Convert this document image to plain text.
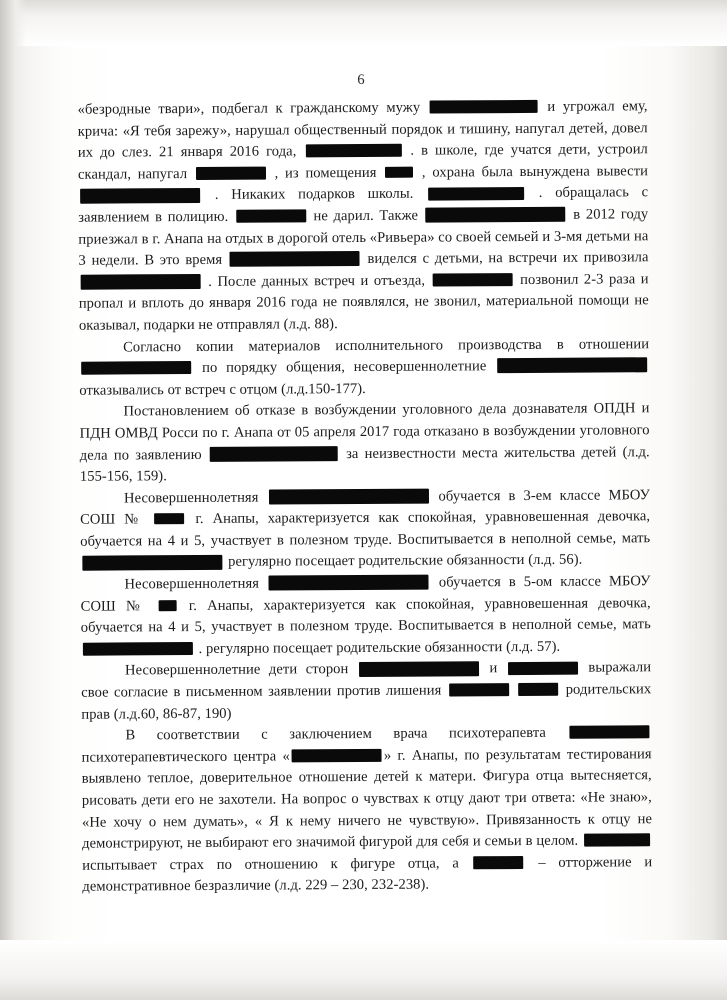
6
«безродные твари», подбегал к гражданскому мужу	и угрожал ему, крича: «Я тебя зарежу», нарушал общественный порядок и тишину, напугал детей, довел их до слез. 21 января 2016 года,	. в школе, где учатся дети, устроил скандал, напугал	, из помещения  , охрана была вынуждена вывести  . Никаких подарков школы.	. обращалась с заявлением в полицию.	не дарил. Также	в 2012 году приезжал в г. Анапа на отдых в дорогой отель «Ривьера» со своей семьей и 3-мя детьми на 3 недели. В это время	виделся с детьми, на встречи их привозила  . После данных встреч и отъезда,	позвонил 2-3 раза и пропал и вплоть до января 2016 года не появлялся, не звонил, материальной помощи не оказывал, подарки не отправлял (л.д. 88).
Согласно копии материалов исполнительного производства в отношении  по порядку общения, несовершеннолетние  отказывались от встреч с отцом (л.д.150-177).
Постановлением об отказе в возбуждении уголовного дела дознавателя ОПДН и ПДН ОМВД Росси по г. Анапа от 05 апреля 2017 года отказано в возбуждении уголовного дела по заявлению	за неизвестности места жительства детей (л.д. 155-156, 159).
Несовершеннолетняя	обучается в 3-ем классе МБОУ СОШ №  г. Анапы, характеризуется как спокойная, уравновешенная девочка, обучается на 4 и 5, участвует в полезном труде. Воспитывается в неполной семье, мать  регулярно посещает родительские обязанности (л.д. 56).
Несовершеннолетняя	обучается в 5-ом классе МБОУ СОШ №  г. Анапы, характеризуется как спокойная, уравновешенная девочка, обучается на 4 и 5, участвует в полезном труде. Воспитывается в неполной семье, мать  . регулярно посещает родительские обязанности (л.д. 57).
Несовершеннолетние дети сторон	и	выражали свое согласие в письменном заявлении против лишения	родительских прав (л.д.60, 86-87, 190)
В соответствии с заключением врача психотерапевта  психотерапевтического центра «	» г. Анапы, по результатам тестирования выявлено теплое, доверительное отношение детей к матери. Фигура отца вытесняется, рисовать дети его не захотели. На вопрос о чувствах к отцу дают три ответа: «Не знаю», «Не хочу о нем думать», « Я к нему ничего не чувствую». Привязанность к отцу не демонстрируют, не выбирают его значимой фигурой для себя и семьи в целом.  испытывает страх по отношению к фигуре отца, а	– отторжение и демонстративное безразличие (л.д. 229 – 230, 232-238).
